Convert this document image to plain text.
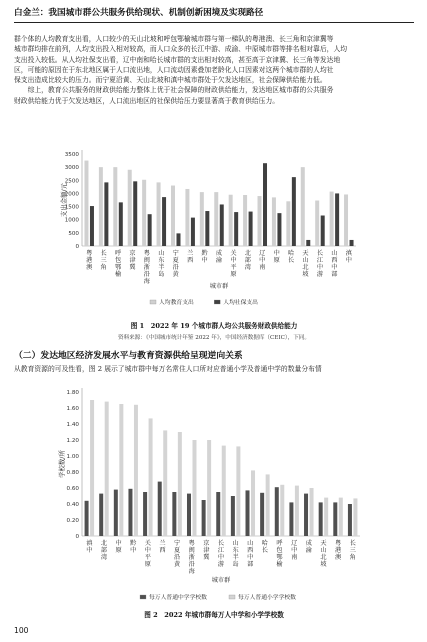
白金兰：我国城市群公共服务供给现状、机制创新困境及实现路径

群个体的人均教育支出看，人口较少的天山北坡和呼包鄂榆城市群与第一梯队的粤港澳、长三角和京津冀等

城市群均排在前列，人均支出投入相对较高，而人口众多的长江中游、成渝、中原城市群等排名相对靠后，人均

支出投入较低。从人均社保支出看，辽中南和哈长城市群的支出相对较高，甚至高于京津冀、长三角等发达地

区，可能的原因在于东北地区属于人口流出地，人口流动因素叠加老龄化人口因素对这两个城市群的人均社

保支出造成比较大的压力。而宁夏沿黄、天山北坡和滇中城市群处于欠发达地区，社会保障供给能力低。

　　综上，教育公共服务的财政供给能力整体上优于社会保障的财政供给能力，发达地区城市群的公共服务

财政供给能力优于欠发达地区，人口流出地区的社保供给压力要显著高于教育供给压力。

支出金额/元
0
500
1000
1500
2000
2500
3000
3500
粤
港
澳
长
三
角
呼
包
鄂
榆
京
津
冀
粤
闽
浙
沿
海
山
东
半
岛
宁
夏
沿
黄
兰
西
黔
中
成
渝
关
中
平
原
北
部
湾
辽
中
南
中
原
哈
长
天
山
北
坡
长
江
中
游
山
西
中
部
滇
中
城市群
人均教育支出	人均社保支出
图 1　2022 年 19 个城市群人均公共服务财政供给能力
资料来源：《中国城市统计年鉴 2022 年》，中国经济数据库（CEIC），下同。
（二）发达地区经济发展水平与教育资源供给呈现逆向关系

从教育资源的可及性看，图 2 展示了城市群中每万名常住人口所对应普通小学及普通中学的数量分布情

学校数/所
0
0.20
0.40
0.60
0.80
1.00
1.20
1.40
1.60
1.80
滇
中
北
部
湾
中
原
黔
中
关
中
平
原
兰
西
宁
夏
沿
黄
粤
闽
浙
沿
海
京
津
冀
长
江
中
游
山
东
半
岛
山
西
中
部
哈
长
呼
包
鄂
榆
辽
中
南
成
渝
天
山
北
坡
粤
港
澳
长
三
角
城市群
每万人普通中学学校数	每万人普通小学学校数
图 2　2022 年城市群每万人中学和小学学校数
100
